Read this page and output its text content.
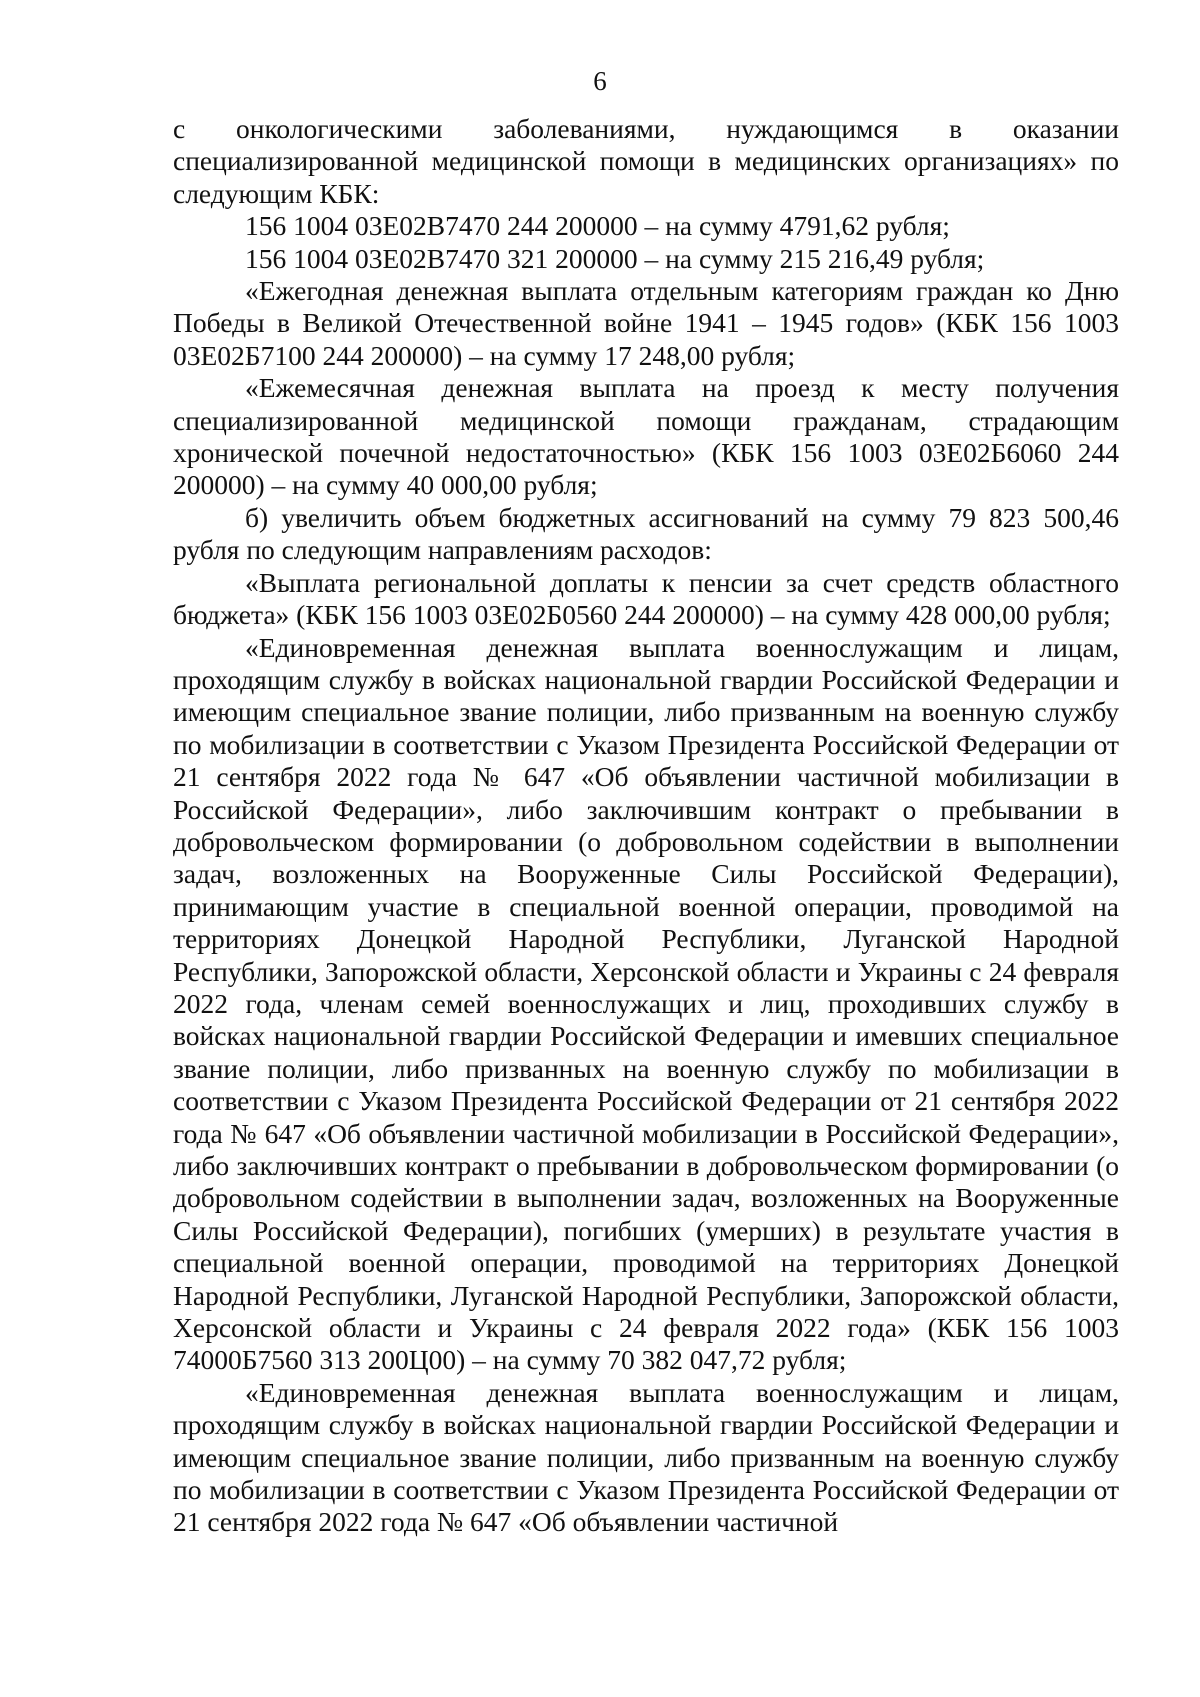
6

с онкологическими заболеваниями, нуждающимся в оказании специализированной медицинской помощи в медицинских организациях» по следующим КБК:

156 1004 03Е02В7470 244 200000 – на сумму 4791,62 рубля;

156 1004 03Е02В7470 321 200000 – на сумму 215 216,49 рубля;

«Ежегодная денежная выплата отдельным категориям граждан ко Дню Победы в Великой Отечественной войне 1941 – 1945 годов» (КБК 156 1003 03Е02Б7100 244 200000) – на сумму 17 248,00 рубля;

«Ежемесячная денежная выплата на проезд к месту получения специализированной медицинской помощи гражданам, страдающим хронической почечной недостаточностью» (КБК 156 1003 03Е02Б6060 244 200000) – на сумму 40 000,00 рубля;

б) увеличить объем бюджетных ассигнований на сумму 79 823 500,46 рубля по следующим направлениям расходов:

«Выплата региональной доплаты к пенсии за счет средств областного бюджета» (КБК 156 1003 03Е02Б0560 244 200000) – на сумму 428 000,00 рубля;

«Единовременная денежная выплата военнослужащим и лицам, проходящим службу в войсках национальной гвардии Российской Федерации и имеющим специальное звание полиции, либо призванным на военную службу по мобилизации в соответствии с Указом Президента Российской Федерации от 21 сентября 2022 года № 647 «Об объявлении частичной мобилизации в Российской Федерации», либо заключившим контракт о пребывании в добровольческом формировании (о добровольном содействии в выполнении задач, возложенных на Вооруженные Силы Российской Федерации), принимающим участие в специальной военной операции, проводимой на территориях Донецкой Народной Республики, Луганской Народной Республики, Запорожской области, Херсонской области и Украины с 24 февраля 2022 года, членам семей военнослужащих и лиц, проходивших службу в войсках национальной гвардии Российской Федерации и имевших специальное звание полиции, либо призванных на военную службу по мобилизации в соответствии с Указом Президента Российской Федерации от 21 сентября 2022 года № 647 «Об объявлении частичной мобилизации в Российской Федерации», либо заключивших контракт о пребывании в добровольческом формировании (о добровольном содействии в выполнении задач, возложенных на Вооруженные Силы Российской Федерации), погибших (умерших) в результате участия в специальной военной операции, проводимой на территориях Донецкой Народной Республики, Луганской Народной Республики, Запорожской области, Херсонской области и Украины с 24 февраля 2022 года» (КБК 156 1003 74000Б7560 313 200Ц00) – на сумму 70 382 047,72 рубля;

«Единовременная денежная выплата военнослужащим и лицам, проходящим службу в войсках национальной гвардии Российской Федерации и имеющим специальное звание полиции, либо призванным на военную службу по мобилизации в соответствии с Указом Президента Российской Федерации от 21 сентября 2022 года № 647 «Об объявлении частичной
